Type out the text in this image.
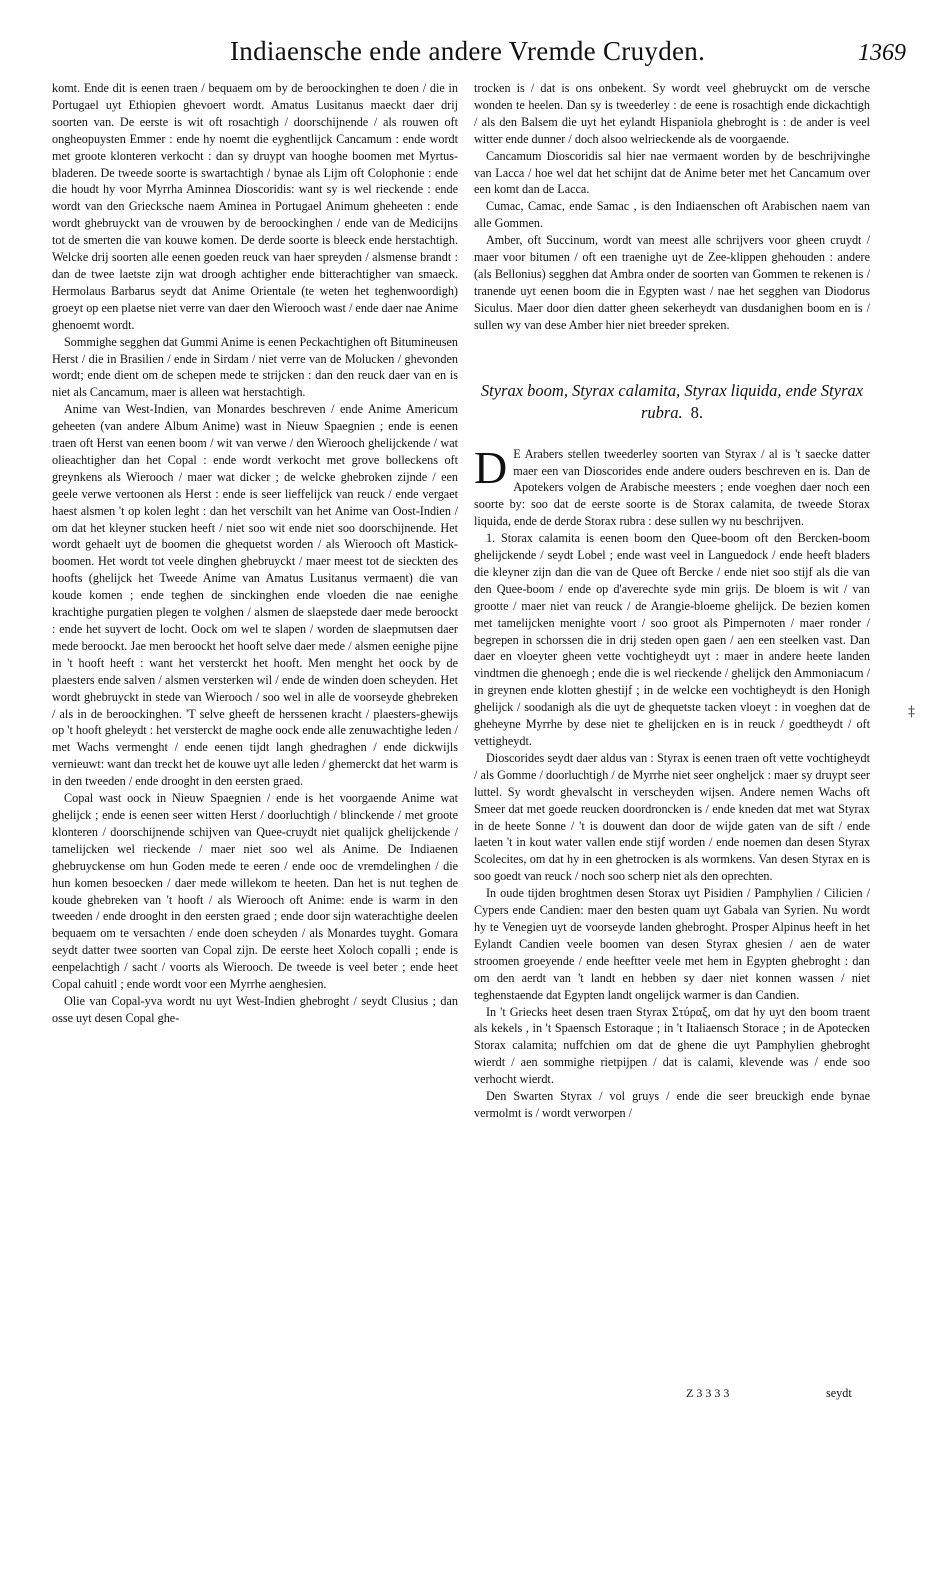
Indiaensche ende andere Vremde Cruyden.	1369

komt. Ende dit is eenen traen / bequaem om by de beroockinghen te doen / die in Portugael uyt Ethiopien ghevoert wordt. Amatus Lusitanus maeckt daer drij soorten van. De eerste is wit oft rosachtigh / doorschijnende / als rouwen oft ongheopuysten Emmer : ende hy noemt die eyghentlijck Cancamum : ende wordt met groote klonteren verkocht : dan sy druypt van hooghe boomen met Myrtus-bladeren. De tweede soorte is swartachtigh / bynae als Lijm oft Colophonie : ende die houdt hy voor Myrrha Aminnea Dioscoridis: want sy is wel rieckende : ende wordt van den Griecksche naem Aminea in Portugael Animum gheheeten : ende wordt ghebruyckt van de vrouwen by de beroockinghen / ende van de Medicijns tot de smerten die van kouwe komen. De derde soorte is bleeck ende herstachtigh. Welcke drij soorten alle eenen goeden reuck van haer spreyden / alsmense brandt : dan de twee laetste zijn wat droogh achtigher ende bitterachtigher van smaeck. Hermolaus Barbarus seydt dat Anime Orientale (te weten het teghenwoordigh) groeyt op een plaetse niet verre van daer den Wierooch wast / ende daer nae Anime ghenoemt wordt.

Sommighe segghen dat Gummi Anime is eenen Peckachtighen oft Bitumineusen Herst / die in Brasilien / ende in Sirdam / niet verre van de Molucken / ghevonden wordt; ende dient om de schepen mede te strijcken : dan den reuck daer van en is niet als Cancamum, maer is alleen wat herstachtigh.

Anime van West-Indien, van Monardes beschreven / ende Anime Americum geheeten (van andere Album Anime) wast in Nieuw Spaegnien ; ende is eenen traen oft Herst van eenen boom / wit van verwe / den Wierooch ghelijckende / wat olieachtigher dan het Copal : ende wordt verkocht met grove bolleckens oft greynkens als Wierooch / maer wat dicker ; de welcke ghebroken zijnde / een geele verwe vertoonen als Herst : ende is seer lieffelijck van reuck / ende vergaet haest alsmen 't op kolen leght : dan het verschilt van het Anime van Oost-Indien / om dat het kleyner stucken heeft / niet soo wit ende niet soo doorschijnende. Het wordt gehaelt uyt de boomen die ghequetst worden / als Wierooch oft Mastick-boomen. Het wordt tot veele dinghen ghebruyckt / maer meest tot de sieckten des hoofts (ghelijck het Tweede Anime van Amatus Lusitanus vermaent) die van koude komen ; ende teghen de sinckinghen ende vloeden die nae eenighe krachtighe purgatien plegen te volghen / alsmen de slaepstede daer mede beroockt : ende het suyvert de locht. Oock om wel te slapen / worden de slaepmutsen daer mede beroockt. Jae men beroockt het hooft selve daer mede / alsmen eenighe pijne in 't hooft heeft : want het versterckt het hooft. Men menght het oock by de plaesters ende salven / alsmen versterken wil / ende de winden doen scheyden. Het wordt ghebruyckt in stede van Wierooch / soo wel in alle de voorseyde ghebreken / als in de beroockinghen. 'T selve gheeft de herssenen kracht / plaesters-ghewijs op 't hooft gheleydt : het versterckt de maghe oock ende alle zenuwachtighe leden / met Wachs vermenght / ende eenen tijdt langh ghedraghen / ende dickwijls vernieuwt: want dan treckt het de kouwe uyt alle leden / ghemerckt dat het warm is in den tweeden / ende drooght in den eersten graed.

Copal wast oock in Nieuw Spaegnien / ende is het voorgaende Anime wat ghelijck ; ende is eenen seer witten Herst / doorluchtigh / blinckende / met groote klonteren / doorschijnende schijven van Quee-cruydt niet qualijck ghelijckende / tamelijcken wel rieckende / maer niet soo wel als Anime. De Indiaenen ghebruyckense om hun Goden mede te eeren / ende ooc de vremdelinghen / die hun komen besoecken / daer mede willekom te heeten. Dan het is nut teghen de koude ghebreken van 't hooft / als Wierooch oft Anime: ende is warm in den tweeden / ende drooght in den eersten graed ; ende door sijn waterachtighe deelen bequaem om te versachten / ende doen scheyden / als Monardes tuyght. Gomara seydt datter twee soorten van Copal zijn. De eerste heet Xoloch copalli ; ende is eenpelachtigh / sacht / voorts als Wierooch. De tweede is veel beter ; ende heet Copal cahuitl ; ende wordt voor een Myrrhe aenghesien.

Olie van Copal-yva wordt nu uyt West-Indien ghebroght / seydt Clusius ; dan osse uyt desen Copal ghe-

trocken is / dat is ons onbekent. Sy wordt veel ghebruyckt om de versche wonden te heelen. Dan sy is tweederley : de eene is rosachtigh ende dickachtigh / als den Balsem die uyt het eylandt Hispaniola ghebroght is : de ander is veel witter ende dunner / doch alsoo welrieckende als de voorgaende.

Cancamum Dioscoridis sal hier nae vermaent worden by de beschrijvinghe van Lacca / hoe wel dat het schijnt dat de Anime beter met het Cancamum over een komt dan de Lacca.

Cumac, Camac, ende Samac , is den Indiaenschen oft Arabischen naem van alle Gommen.

Amber, oft Succinum, wordt van meest alle schrijvers voor gheen cruydt / maer voor bitumen / oft een traenighe uyt de Zee-klippen ghehouden : andere (als Bellonius) segghen dat Ambra onder de soorten van Gommen te rekenen is / tranende uyt eenen boom die in Egypten wast / nae het segghen van Diodorus Siculus. Maer door dien datter gheen sekerheydt van dusdanighen boom en is / sullen wy van dese Amber hier niet breeder spreken.

Styrax boom, Styrax calamita, Styrax liquida, ende Styrax rubra. 8.

D E Arabers stellen tweederley soorten van Styrax / al is 't saecke datter maer een van Dioscorides ende andere ouders beschreven en is. Dan de Apotekers volgen de Arabische meesters ; ende voeghen daer noch een soorte by: soo dat de eerste soorte is de Storax calamita, de tweede Storax liquida, ende de derde Storax rubra : dese sullen wy nu beschrijven.

1. Storax calamita is eenen boom den Quee-boom oft den Bercken-boom ghelijckende / seydt Lobel ; ende wast veel in Languedock / ende heeft bladers die kleyner zijn dan die van de Quee oft Bercke / ende niet soo stijf als die van den Quee-boom / ende op d'averechte syde min grijs. De bloem is wit / van grootte / maer niet van reuck / de Arangie-bloeme ghelijck. De bezien komen met tamelijcken menighte voort / soo groot als Pimpernoten / maer ronder / begrepen in schorssen die in drij steden open gaen / aen een steelken vast. Dan daer en vloeyter gheen vette vochtigheydt uyt : maer in andere heete landen vindtmen die ghenoegh ; ende die is wel rieckende / ghelijck den Ammoniacum / in greynen ende klotten ghestijf ; in de welcke een vochtigheydt is den Honigh ghelijck / soodanigh als die uyt de ghequetste tacken vloeyt : in voeghen dat de gheheyne Myrrhe by dese niet te ghelijcken en is in reuck / goedtheydt / oft vettigheydt.

Dioscorides seydt daer aldus van : Styrax is eenen traen oft vette vochtigheydt / als Gomme / doorluchtigh / de Myrrhe niet seer ongheljck : maer sy druypt seer luttel. Sy wordt ghevalscht in verscheyden wijsen. Andere nemen Wachs oft Smeer dat met goede reucken doordroncken is / ende kneden dat met wat Styrax in de heete Sonne / 't is douwent dan door de wijde gaten van de sift / ende laeten 't in kout water vallen ende stijf worden / ende noemen dan desen Styrax Scolecites, om dat hy in een ghetrocken is als wormkens. Van desen Styrax en is soo goedt van reuck / noch soo scherp niet als den oprechten.

In oude tijden broghtmen desen Storax uyt Pisidien / Pamphylien / Cilicien / Cypers ende Candien: maer den besten quam uyt Gabala van Syrien. Nu wordt hy te Venegien uyt de voorseyde landen ghebroght. Prosper Alpinus heeft in het Eylandt Candien veele boomen van desen Styrax ghesien / aen de water stroomen groeyende / ende heeftter veele met hem in Egypten ghebroght : dan om den aerdt van 't landt en hebben sy daer niet konnen wassen / niet teghenstaende dat Egypten landt ongelijck warmer is dan Candien.

In 't Griecks heet desen traen Styrax Στύραξ, om dat hy uyt den boom traent als kekels , in 't Spaensch Estoraque ; in 't Italiaensch Storace ; in de Apotecken Storax calamita; nuffchien om dat de ghene die uyt Pamphylien ghebroght wierdt / aen sommighe rietpijpen / dat is calami, klevende was / ende soo verhocht wierdt.

Den Swarten Styrax / vol gruys / ende die seer breuckigh ende bynae vermolmt is / wordt verworpen /

Z3333	seydt
‡
